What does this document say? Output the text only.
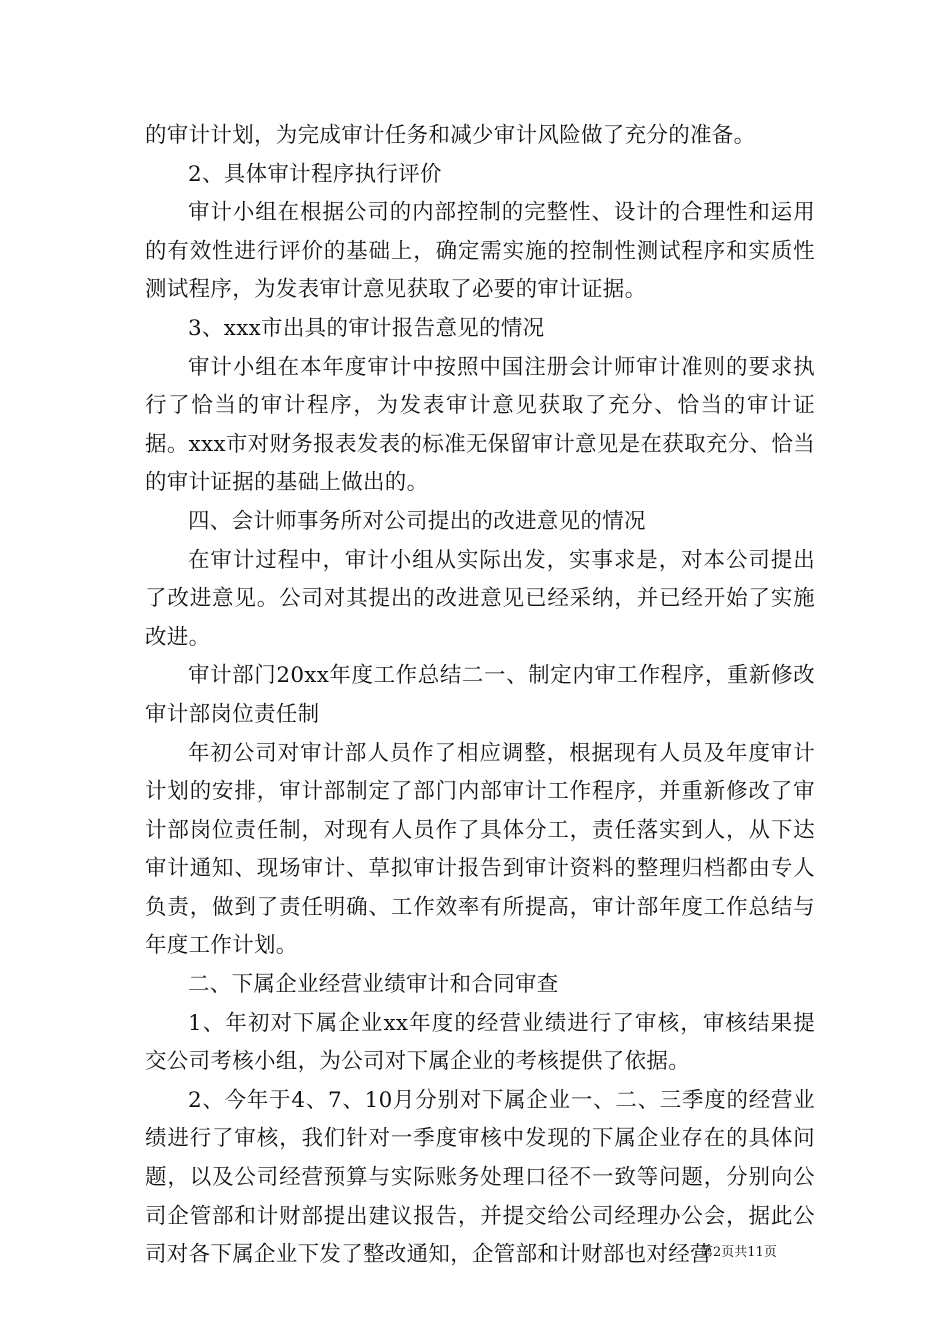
的审计计划，为完成审计任务和减少审计风险做了充分的准备。

2、具体审计程序执行评价

审计小组在根据公司的内部控制的完整性、设计的合理性和运用的有效性进行评价的基础上，确定需实施的控制性测试程序和实质性测试程序，为发表审计意见获取了必要的审计证据。

3、xxx市出具的审计报告意见的情况

审计小组在本年度审计中按照中国注册会计师审计准则的要求执行了恰当的审计程序，为发表审计意见获取了充分、恰当的审计证据。xxx市对财务报表发表的标准无保留审计意见是在获取充分、恰当的审计证据的基础上做出的。

四、会计师事务所对公司提出的改进意见的情况

在审计过程中，审计小组从实际出发，实事求是，对本公司提出了改进意见。公司对其提出的改进意见已经采纳，并已经开始了实施改进。

审计部门20xx年度工作总结二一、制定内审工作程序，重新修改审计部岗位责任制

年初公司对审计部人员作了相应调整，根据现有人员及年度审计计划的安排，审计部制定了部门内部审计工作程序，并重新修改了审计部岗位责任制，对现有人员作了具体分工，责任落实到人，从下达审计通知、现场审计、草拟审计报告到审计资料的整理归档都由专人负责，做到了责任明确、工作效率有所提高，审计部年度工作总结与年度工作计划。

二、下属企业经营业绩审计和合同审查

1、年初对下属企业xx年度的经营业绩进行了审核，审核结果提交公司考核小组，为公司对下属企业的考核提供了依据。

2、今年于4、7、10月分别对下属企业一、二、三季度的经营业绩进行了审核，我们针对一季度审核中发现的下属企业存在的具体问题，以及公司经营预算与实际账务处理口径不一致等问题，分别向公司企管部和计财部提出建议报告，并提交给公司经理办公会，据此公司对各下属企业下发了整改通知，企管部和计财部也对经营

第2页共11页
